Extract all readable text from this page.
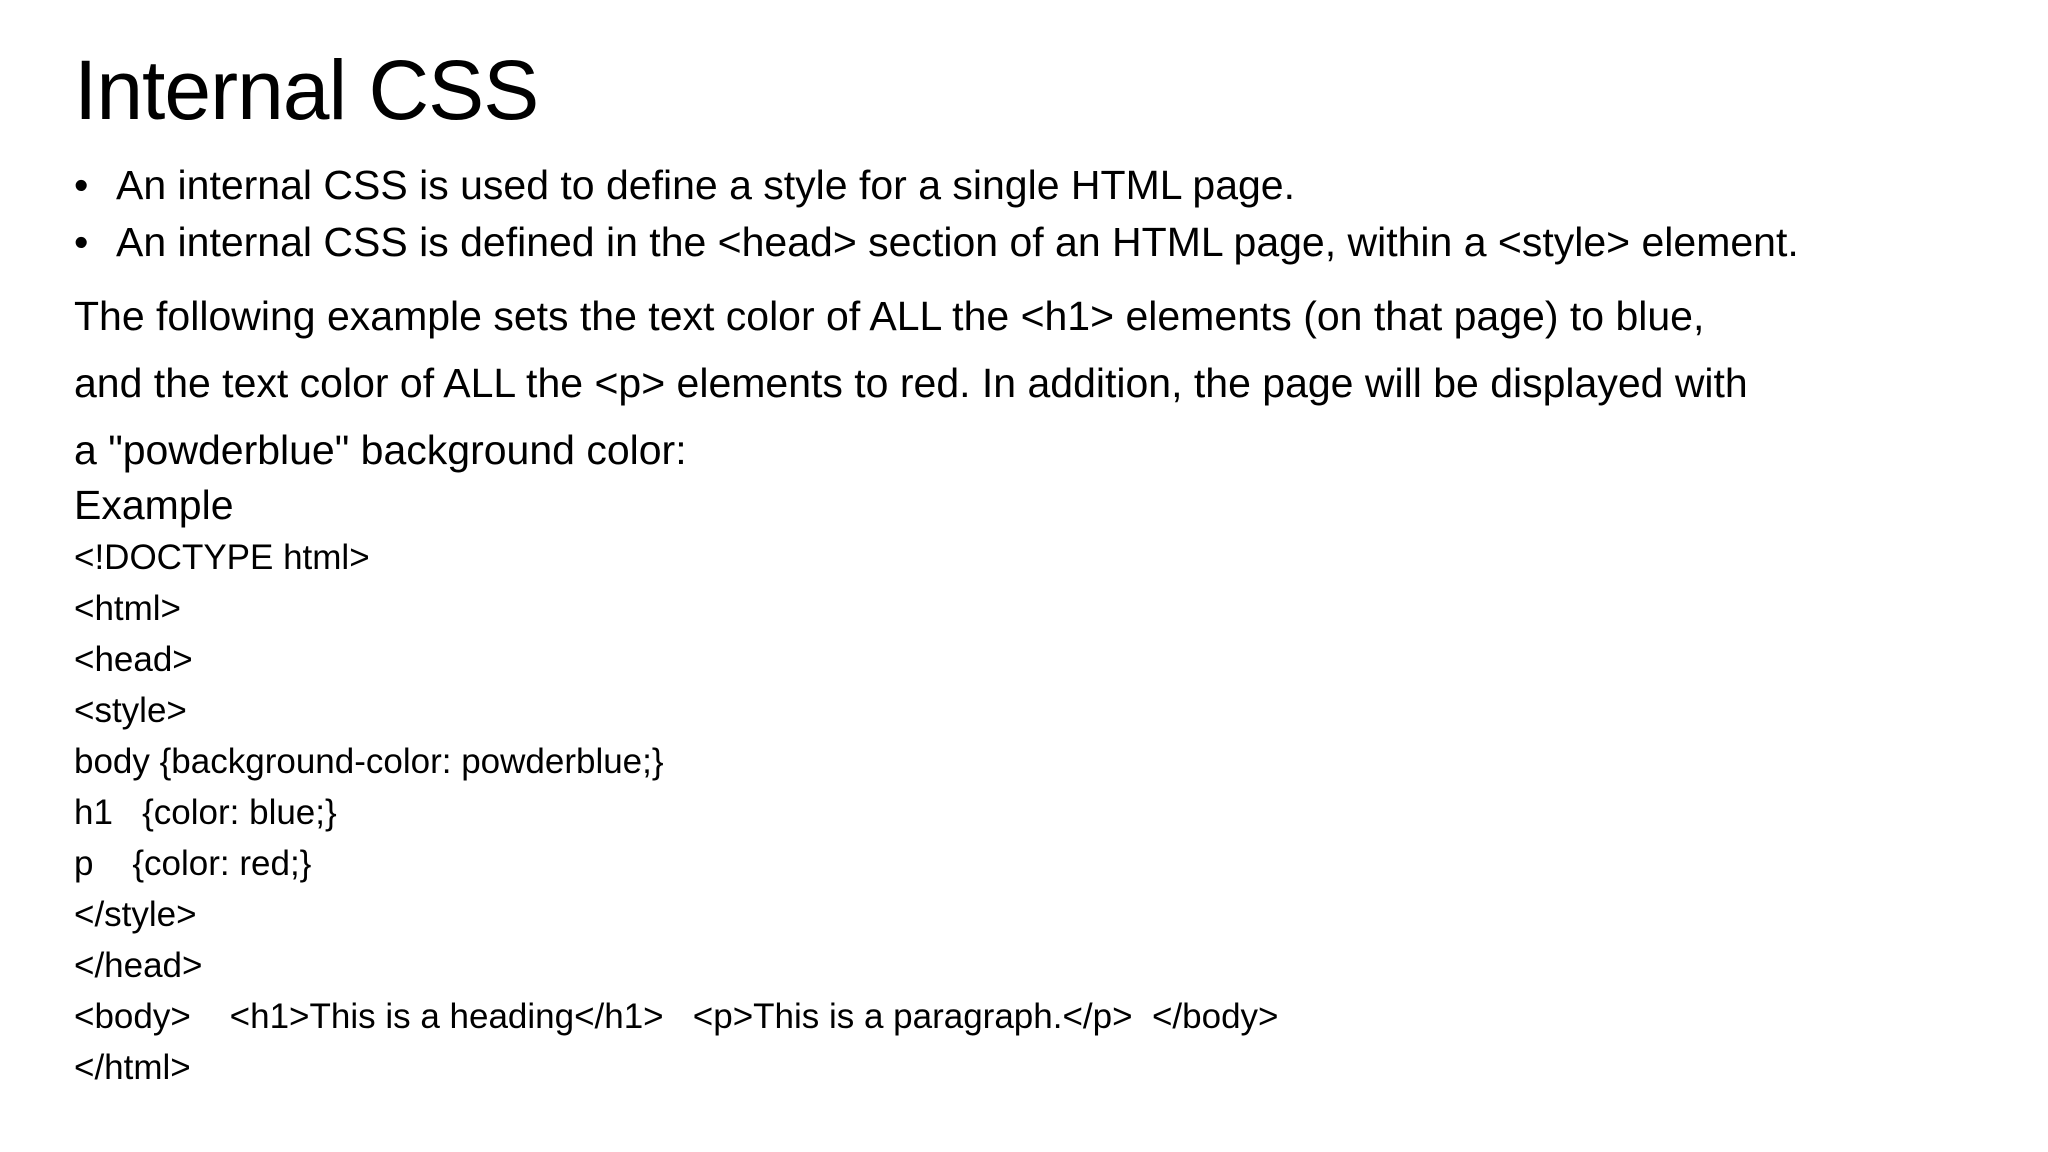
Internal CSS
• An internal CSS is used to define a style for a single HTML page.
• An internal CSS is defined in the <head> section of an HTML page, within a <style> element.
The following example sets the text color of ALL the <h1> elements (on that page) to blue,
and the text color of ALL the <p> elements to red. In addition, the page will be displayed with
a "powderblue" background color:
Example
<!DOCTYPE html>
<html>
<head>
<style>
body {background-color: powderblue;}
h1   {color: blue;}
p    {color: red;}
</style>
</head>
<body>    <h1>This is a heading</h1>   <p>This is a paragraph.</p>  </body>
</html>
